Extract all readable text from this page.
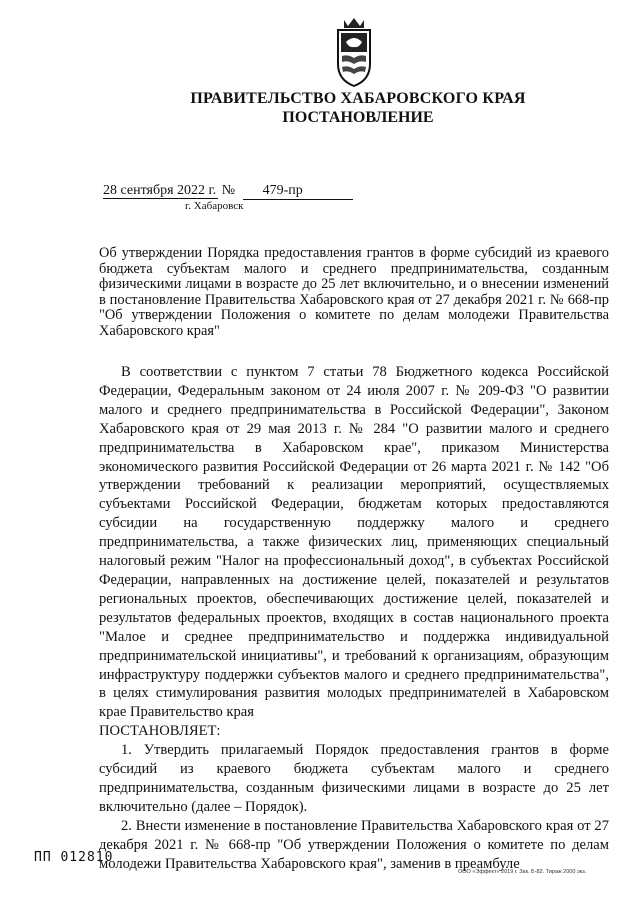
ПРАВИТЕЛЬСТВО ХАБАРОВСКОГО КРАЯ
ПОСТАНОВЛЕНИЕ
28 сентября 2022 г. № 479-пр
г. Хабаровск
Об утверждении Порядка предоставления грантов в форме субсидий из краевого бюджета субъектам малого и среднего предпринимательства, созданным физическими лицами в возрасте до 25 лет включительно, и о внесении изменений в постановление Правительства Хабаровского края от 27 декабря 2021 г. № 668-пр "Об утверждении Положения о комитете по делам молодежи Правительства Хабаровского края"

В соответствии с пунктом 7 статьи 78 Бюджетного кодекса Российской Федерации, Федеральным законом от 24 июля 2007 г. № 209-ФЗ "О развитии малого и среднего предпринимательства в Российской Федерации", Законом Хабаровского края от 29 мая 2013 г. № 284 "О развитии малого и среднего предпринимательства в Хабаровском крае", приказом Министерства экономического развития Российской Федерации от 26 марта 2021 г. № 142 "Об утверждении требований к реализации мероприятий, осуществляемых субъектами Российской Федерации, бюджетам которых предоставляются субсидии на государственную поддержку малого и среднего предпринимательства, а также физических лиц, применяющих специальный налоговый режим "Налог на профессиональный доход", в субъектах Российской Федерации, направленных на достижение целей, показателей и результатов региональных проектов, обеспечивающих достижение целей, показателей и результатов федеральных проектов, входящих в состав национального проекта "Малое и среднее предпринимательство и поддержка индивидуальной предпринимательской инициативы", и требований к организациям, образующим инфраструктуру поддержки субъектов малого и среднего предпринимательства", в целях стимулирования развития молодых предпринимателей в Хабаровском крае Правительство края

ПОСТАНОВЛЯЕТ:

1. Утвердить прилагаемый Порядок предоставления грантов в форме субсидий из краевого бюджета субъектам малого и среднего предпринимательства, созданным физическими лицами в возрасте до 25 лет включительно (далее – Порядок).

2. Внести изменение в постановление Правительства Хабаровского края от 27 декабря 2021 г. № 668-пр "Об утверждении Положения о комитете по делам молодежи Правительства Хабаровского края", заменив в преамбуле

ПП 012810
ООО «Эффект» 2019 г. Зак. Б-82. Тираж 2000 экз.
